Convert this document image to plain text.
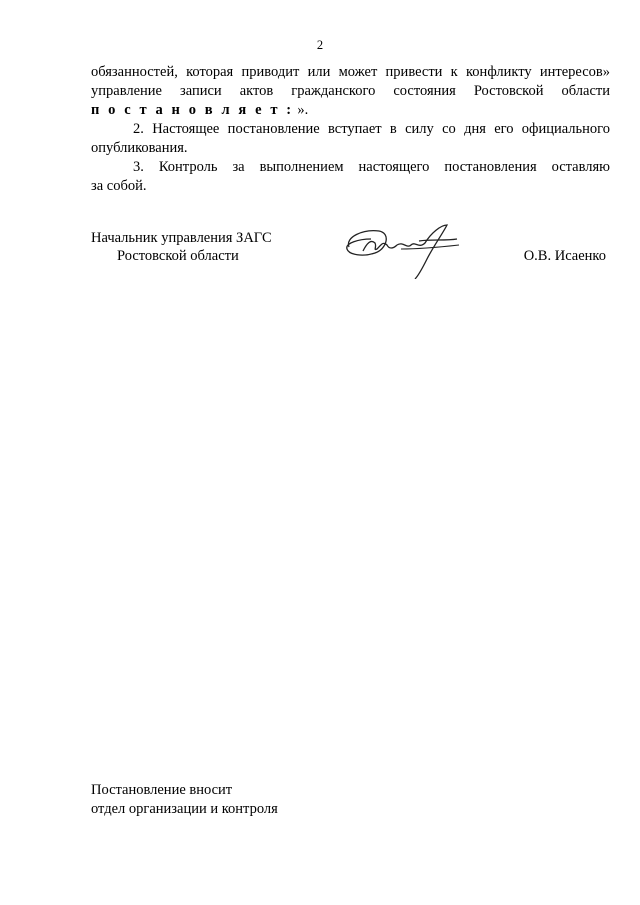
2
обязанностей, которая приводит или может привести к конфликту интересов»
управление записи актов гражданского состояния Ростовской области
п о с т а н о в л я е т : ».
2. Настоящее постановление вступает в силу со дня его официального
опубликования.
3. Контроль за выполнением настоящего постановления оставляю
за собой.
Начальник управления ЗАГС
Ростовской области	О.В. Исаенко
Постановление вносит
отдел организации и контроля
